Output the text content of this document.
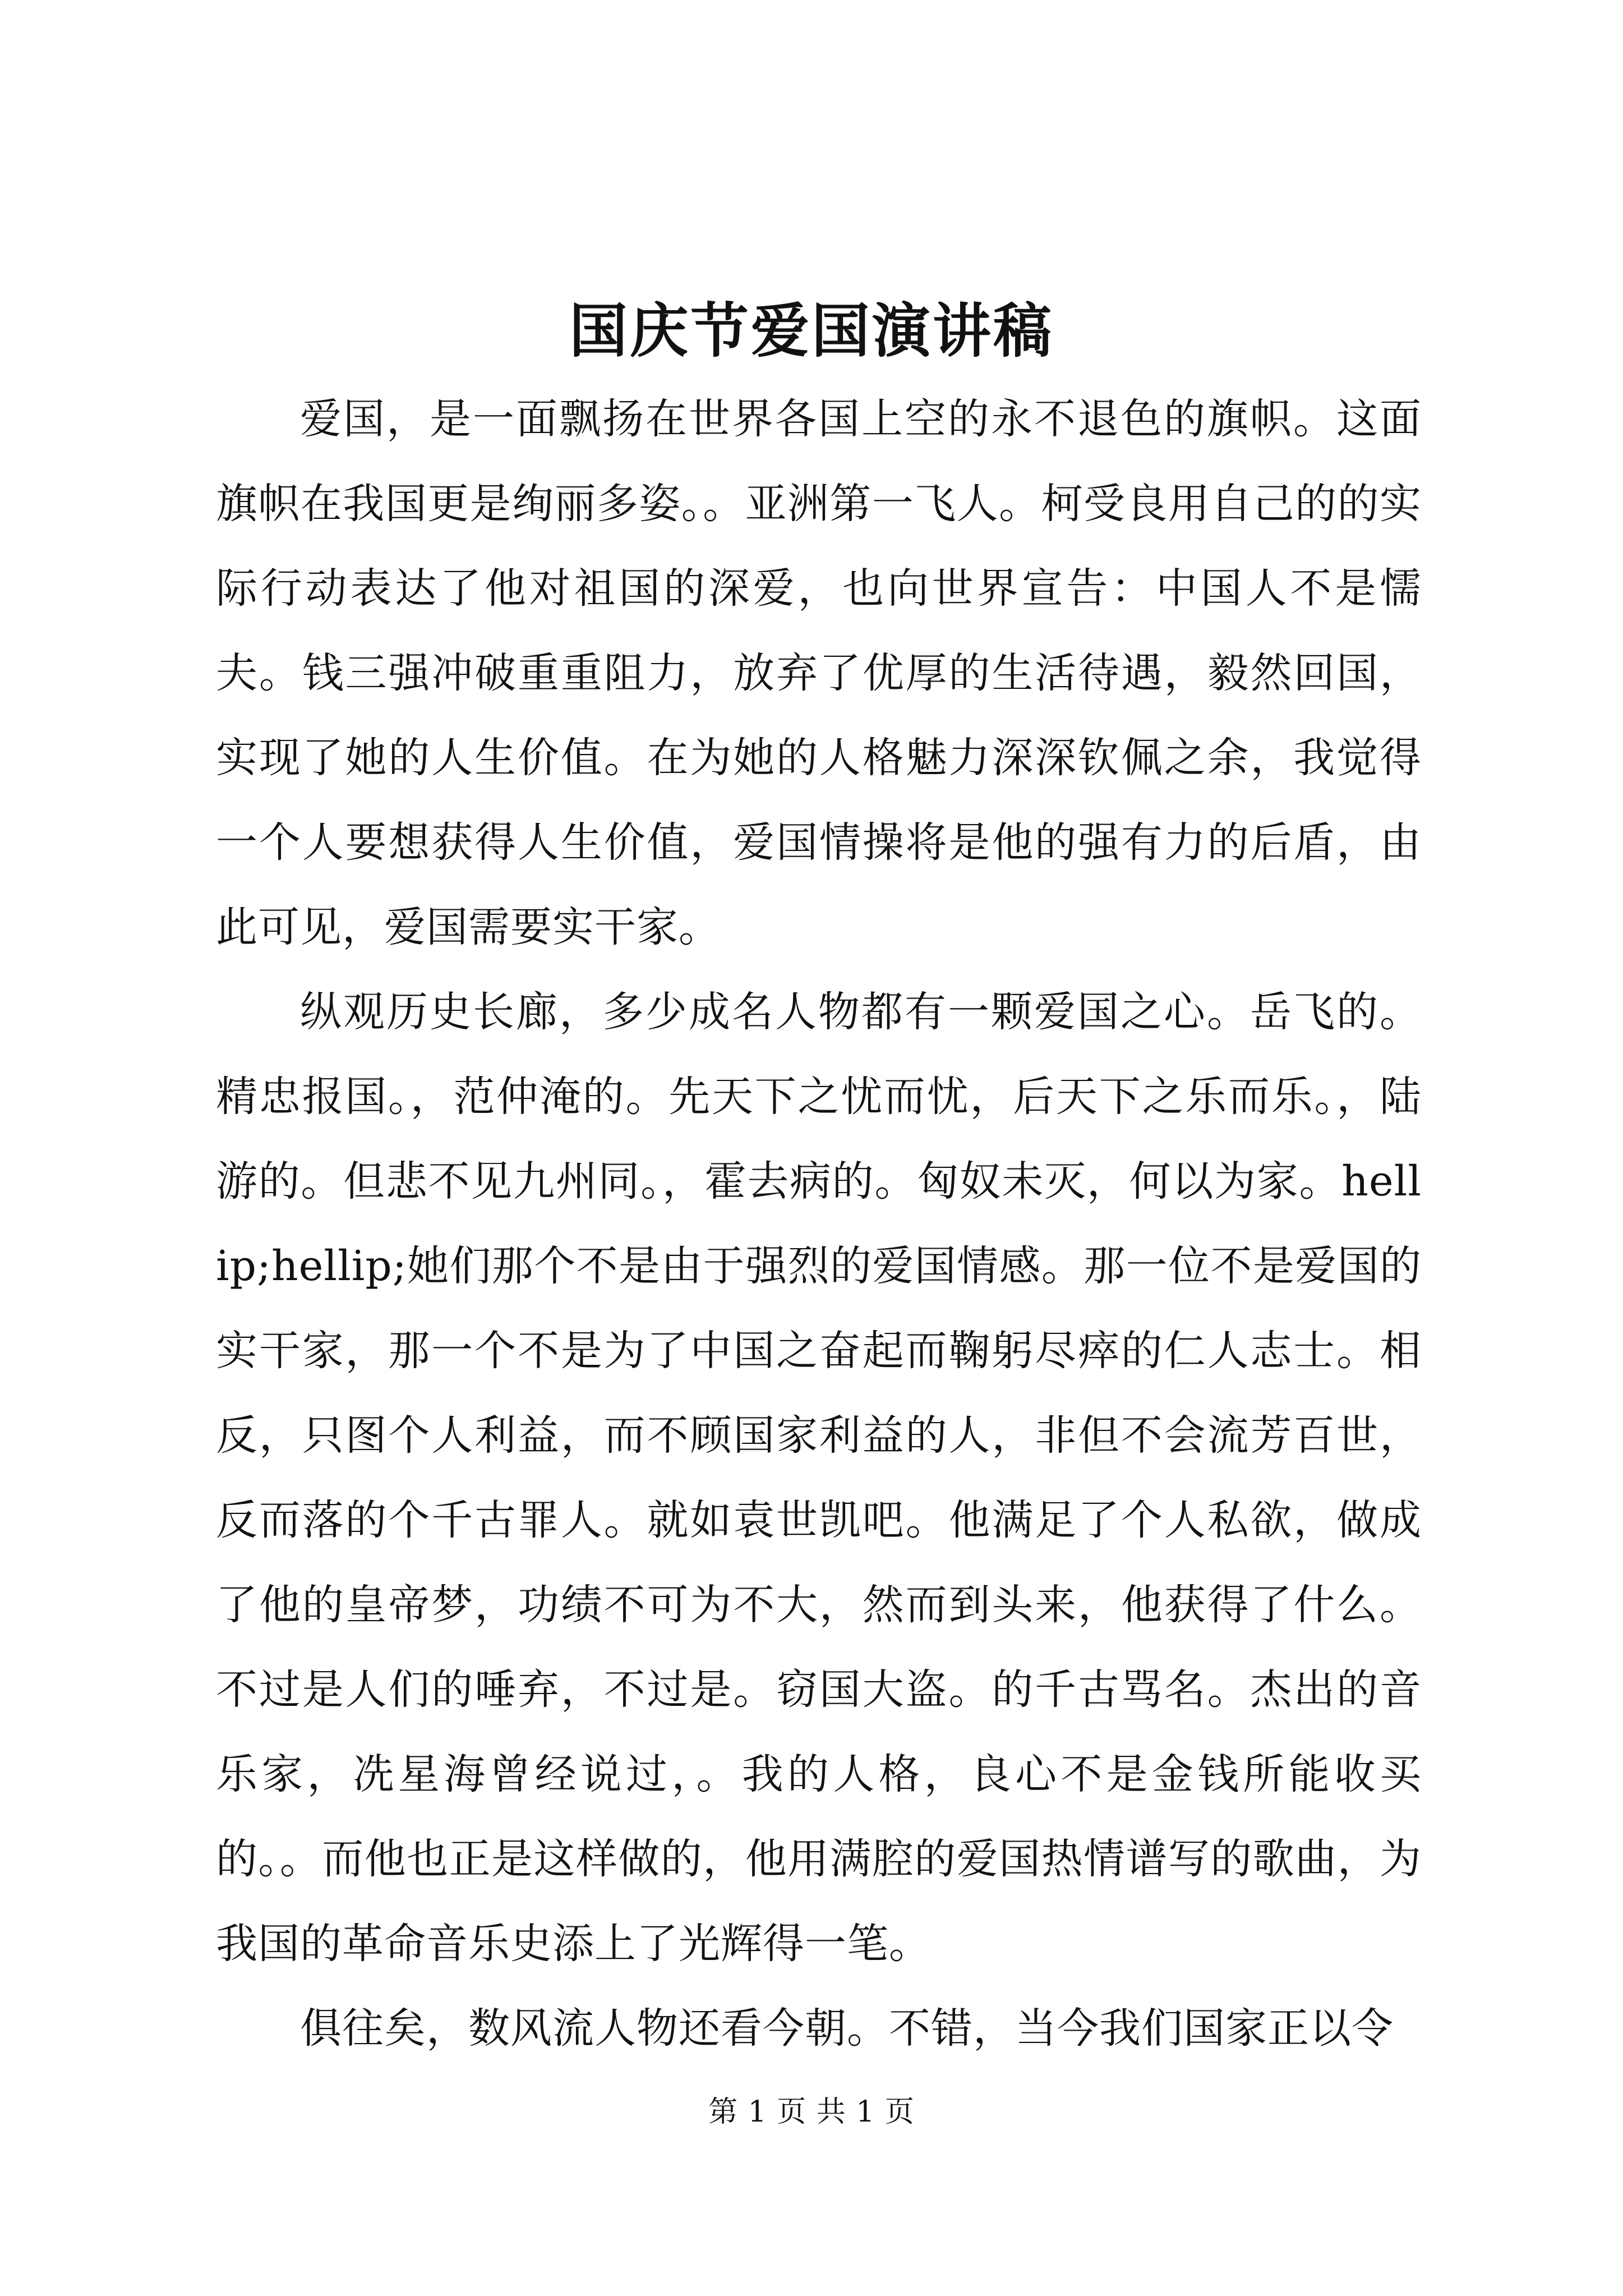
国庆节爱国演讲稿

爱国，是一面飘扬在世界各国上空的永不退色的旗帜。这面旗帜在我国更是绚丽多姿。。亚洲第一飞人。柯受良用自己的的实际行动表达了他对祖国的深爱，也向世界宣告：中国人不是懦夫。钱三强冲破重重阻力，放弃了优厚的生活待遇，毅然回国，实现了她的人生价值。在为她的人格魅力深深钦佩之余，我觉得一个人要想获得人生价值，爱国情操将是他的强有力的后盾，由此可见，爱国需要实干家。

纵观历史长廊，多少成名人物都有一颗爱国之心。岳飞的。精忠报国。，范仲淹的。先天下之忧而忧，后天下之乐而乐。，陆游的。但悲不见九州同。，霍去病的。匈奴未灭，何以为家。hellip;hellip;她们那个不是由于强烈的爱国情感。那一位不是爱国的实干家，那一个不是为了中国之奋起而鞠躬尽瘁的仁人志士。相反，只图个人利益，而不顾国家利益的人，非但不会流芳百世，反而落的个千古罪人。就如袁世凯吧。他满足了个人私欲，做成了他的皇帝梦，功绩不可为不大，然而到头来，他获得了什么。不过是人们的唾弃，不过是。窃国大盗。的千古骂名。杰出的音乐家，冼星海曾经说过，。我的人格，良心不是金钱所能收买的。。而他也正是这样做的，他用满腔的爱国热情谱写的歌曲，为我国的革命音乐史添上了光辉得一笔。

俱往矣，数风流人物还看今朝。不错，当今我们国家正以令

第 1 页 共 1 页
